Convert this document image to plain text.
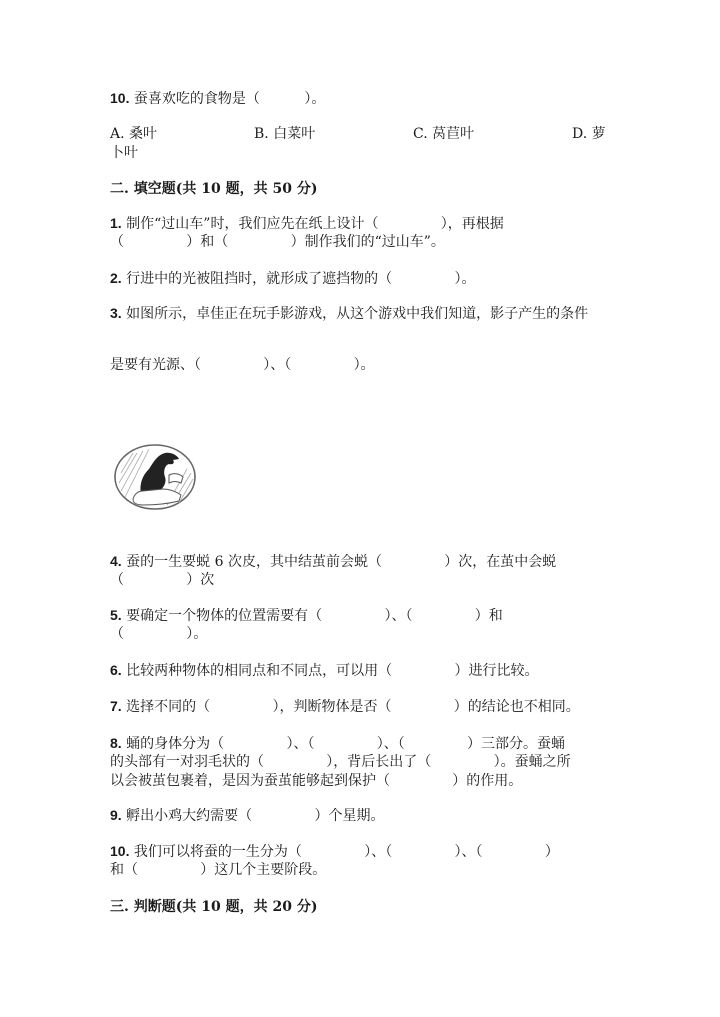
10. 蚕喜欢吃的食物是（          ）。
A. 桑叶	B. 白菜叶	C. 莴苣叶	D. 萝
卜叶
二. 填空题(共 10 题，共 50 分)
1. 制作“过山车”时，我们应先在纸上设计（              ），再根据
（              ）和（              ）制作我们的“过山车”。
2. 行进中的光被阻挡时，就形成了遮挡物的（              ）。
3. 如图所示，卓佳正在玩手影游戏，从这个游戏中我们知道，影子产生的条件
是要有光源、（              ）、（              ）。
4. 蚕的一生要蜕 6 次皮，其中结茧前会蜕（              ）次，在茧中会蜕
（              ）次
5. 要确定一个物体的位置需要有（              ）、（              ）和
（              ）。
6. 比较两种物体的相同点和不同点，可以用（              ）进行比较。
7. 选择不同的（              ），判断物体是否（              ）的结论也不相同。
8. 蛹的身体分为（              ）、（              ）、（              ）三部分。蚕蛹
的头部有一对羽毛状的（              ），背后长出了（              ）。蚕蛹之所
以会被茧包裹着，是因为蚕茧能够起到保护（              ）的作用。
9. 孵出小鸡大约需要（              ）个星期。
10. 我们可以将蚕的一生分为（              ）、（              ）、（              ）
和（              ）这几个主要阶段。
三. 判断题(共 10 题，共 20 分)
